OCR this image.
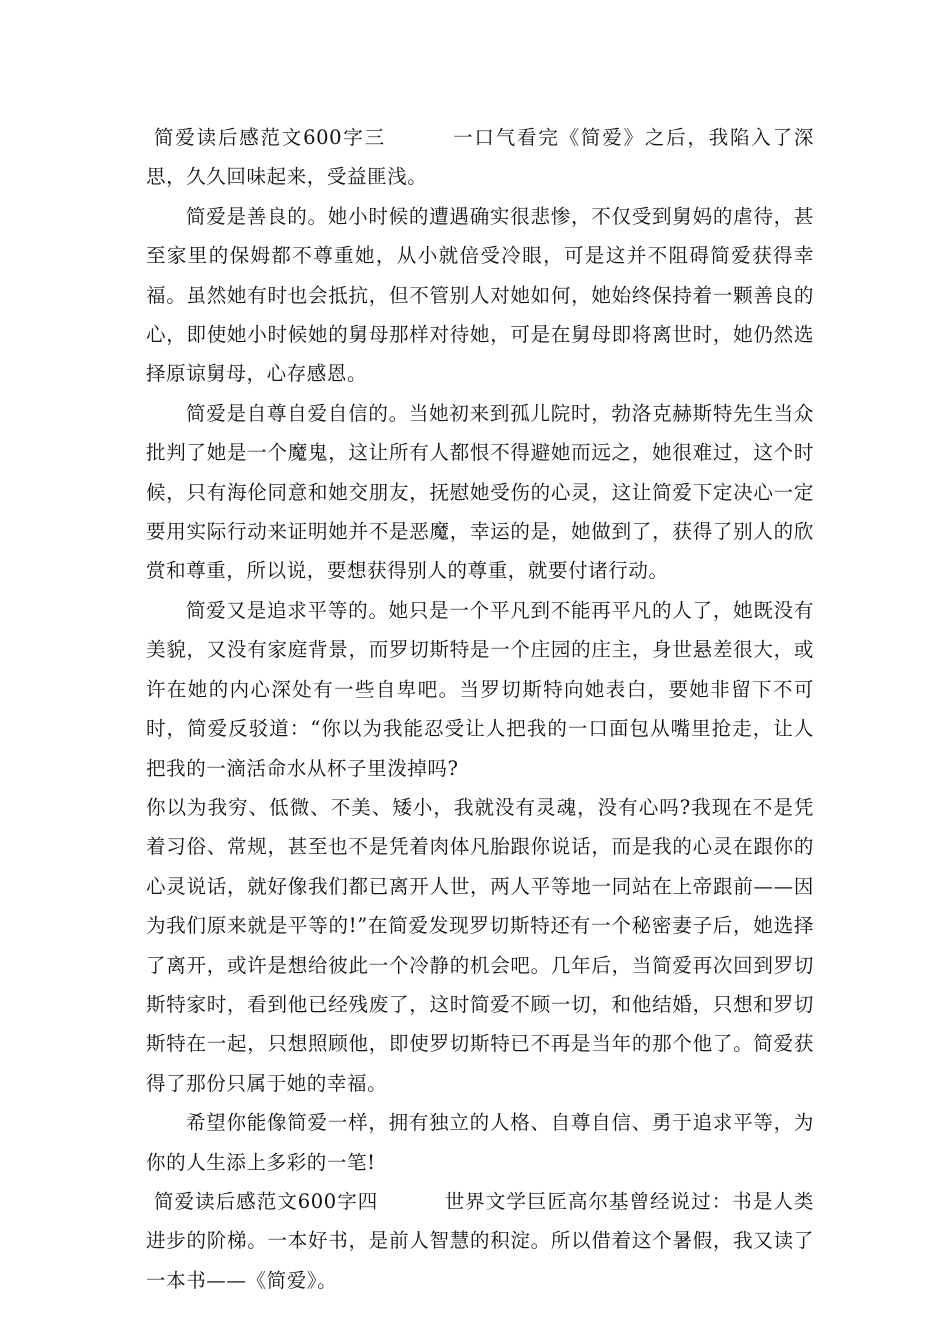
简爱读后感范文600字三	一口气看完《简爱》之后，我陷入了深思，久久回味起来，受益匪浅。

简爱是善良的。她小时候的遭遇确实很悲惨，不仅受到舅妈的虐待，甚至家里的保姆都不尊重她，从小就倍受冷眼，可是这并不阻碍简爱获得幸福。虽然她有时也会抵抗，但不管别人对她如何，她始终保持着一颗善良的心，即使她小时候她的舅母那样对待她，可是在舅母即将离世时，她仍然选择原谅舅母，心存感恩。

简爱是自尊自爱自信的。当她初来到孤儿院时，勃洛克赫斯特先生当众批判了她是一个魔鬼，这让所有人都恨不得避她而远之，她很难过，这个时候，只有海伦同意和她交朋友，抚慰她受伤的心灵，这让简爱下定决心一定要用实际行动来证明她并不是恶魔，幸运的是，她做到了，获得了别人的欣赏和尊重，所以说，要想获得别人的尊重，就要付诸行动。

简爱又是追求平等的。她只是一个平凡到不能再平凡的人了，她既没有美貌，又没有家庭背景，而罗切斯特是一个庄园的庄主，身世悬差很大，或许在她的内心深处有一些自卑吧。当罗切斯特向她表白，要她非留下不可时，简爱反驳道：“你以为我能忍受让人把我的一口面包从嘴里抢走，让人把我的一滴活命水从杯子里泼掉吗?

你以为我穷、低微、不美、矮小，我就没有灵魂，没有心吗?我现在不是凭着习俗、常规，甚至也不是凭着肉体凡胎跟你说话，而是我的心灵在跟你的心灵说话，就好像我们都已离开人世，两人平等地一同站在上帝跟前——因为我们原来就是平等的!”在简爱发现罗切斯特还有一个秘密妻子后，她选择了离开，或许是想给彼此一个冷静的机会吧。几年后，当简爱再次回到罗切斯特家时，看到他已经残废了，这时简爱不顾一切，和他结婚，只想和罗切斯特在一起，只想照顾他，即使罗切斯特已不再是当年的那个他了。简爱获得了那份只属于她的幸福。

希望你能像简爱一样，拥有独立的人格、自尊自信、勇于追求平等，为你的人生添上多彩的一笔!

简爱读后感范文600字四	世界文学巨匠高尔基曾经说过：书是人类进步的阶梯。一本好书，是前人智慧的积淀。所以借着这个暑假，我又读了一本书——《简爱》。
